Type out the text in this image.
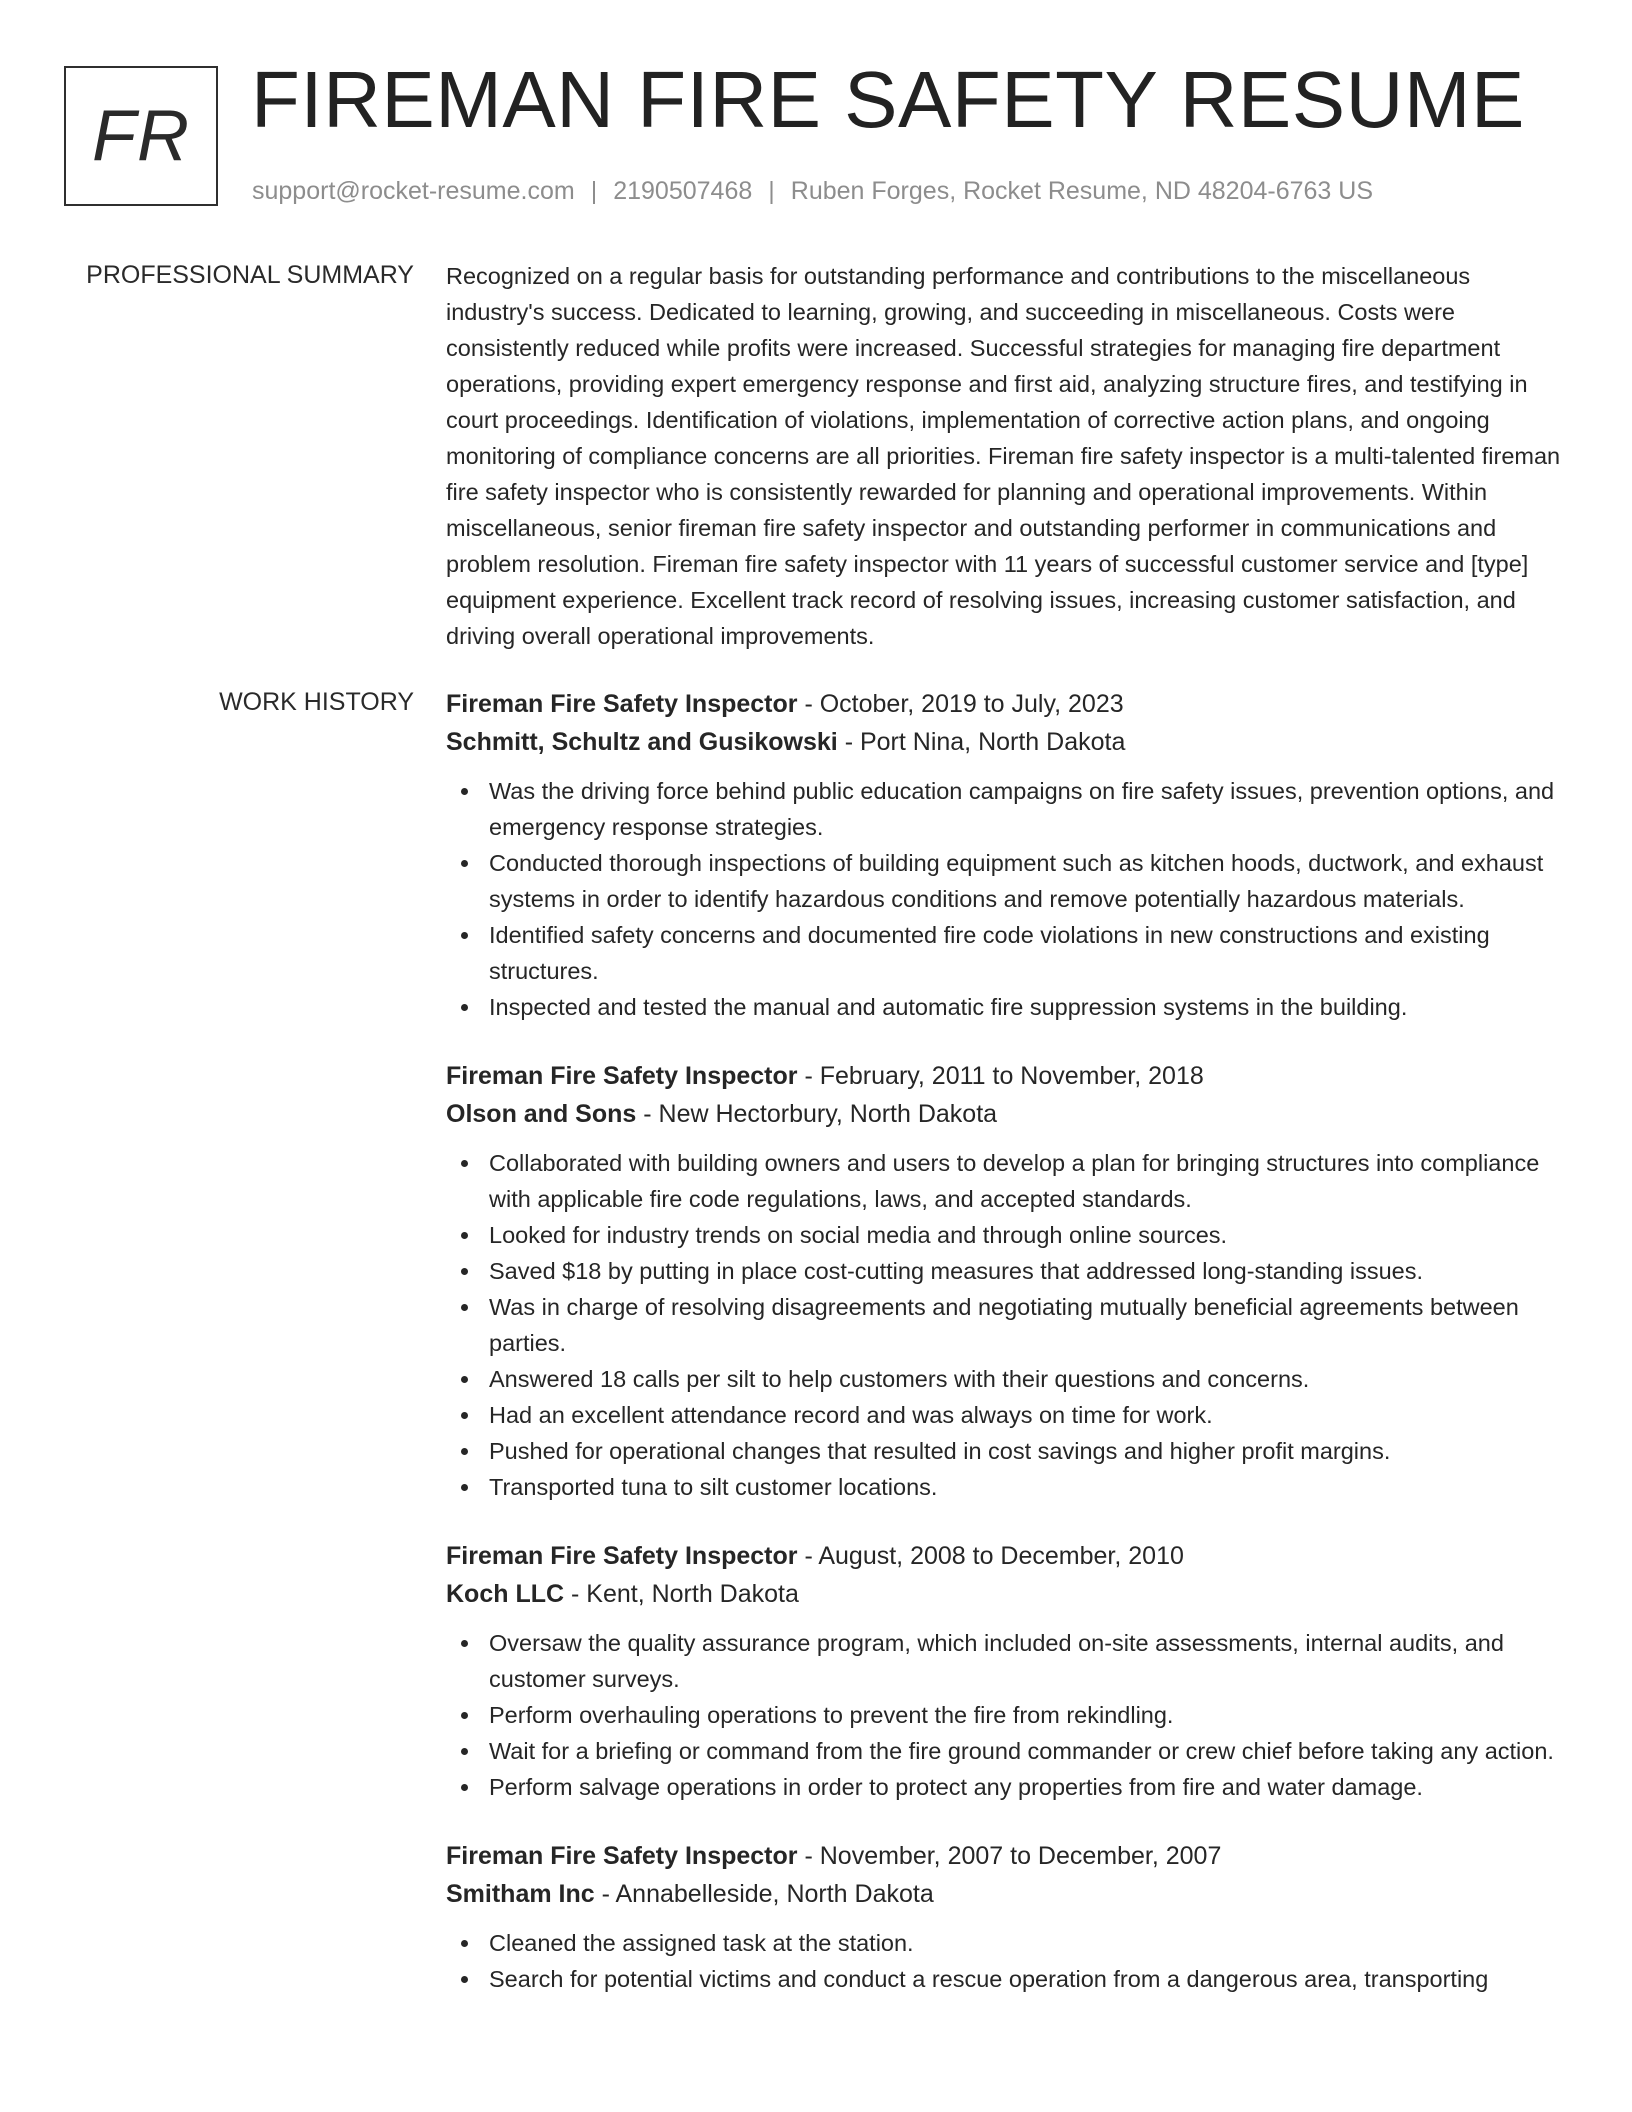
FR FIREMAN FIRE SAFETY RESUME
support@rocket-resume.com | 2190507468 | Ruben Forges, Rocket Resume, ND 48204-6763 US
PROFESSIONAL SUMMARY Recognized on a regular basis for outstanding performance and contributions to the miscellaneous industry's success. Dedicated to learning, growing, and succeeding in miscellaneous. Costs were consistently reduced while profits were increased. Successful strategies for managing fire department operations, providing expert emergency response and first aid, analyzing structure fires, and testifying in court proceedings. Identification of violations, implementation of corrective action plans, and ongoing monitoring of compliance concerns are all priorities. Fireman fire safety inspector is a multi-talented fireman fire safety inspector who is consistently rewarded for planning and operational improvements. Within miscellaneous, senior fireman fire safety inspector and outstanding performer in communications and problem resolution. Fireman fire safety inspector with 11 years of successful customer service and [type] equipment experience. Excellent track record of resolving issues, increasing customer satisfaction, and driving overall operational improvements.

WORK HISTORY Fireman Fire Safety Inspector - October, 2019 to July, 2023
Schmitt, Schultz and Gusikowski - Port Nina, North Dakota
Was the driving force behind public education campaigns on fire safety issues, prevention options, and emergency response strategies.
Conducted thorough inspections of building equipment such as kitchen hoods, ductwork, and exhaust systems in order to identify hazardous conditions and remove potentially hazardous materials.
Identified safety concerns and documented fire code violations in new constructions and existing structures.
Inspected and tested the manual and automatic fire suppression systems in the building.
Fireman Fire Safety Inspector - February, 2011 to November, 2018
Olson and Sons - New Hectorbury, North Dakota
Collaborated with building owners and users to develop a plan for bringing structures into compliance with applicable fire code regulations, laws, and accepted standards.
Looked for industry trends on social media and through online sources.
Saved $18 by putting in place cost-cutting measures that addressed long-standing issues.
Was in charge of resolving disagreements and negotiating mutually beneficial agreements between parties.
Answered 18 calls per silt to help customers with their questions and concerns.
Had an excellent attendance record and was always on time for work.
Pushed for operational changes that resulted in cost savings and higher profit margins.
Transported tuna to silt customer locations.
Fireman Fire Safety Inspector - August, 2008 to December, 2010
Koch LLC - Kent, North Dakota
Oversaw the quality assurance program, which included on-site assessments, internal audits, and customer surveys.
Perform overhauling operations to prevent the fire from rekindling.
Wait for a briefing or command from the fire ground commander or crew chief before taking any action.
Perform salvage operations in order to protect any properties from fire and water damage.
Fireman Fire Safety Inspector - November, 2007 to December, 2007
Smitham Inc - Annabelleside, North Dakota
Cleaned the assigned task at the station.
Search for potential victims and conduct a rescue operation from a dangerous area, transporting
